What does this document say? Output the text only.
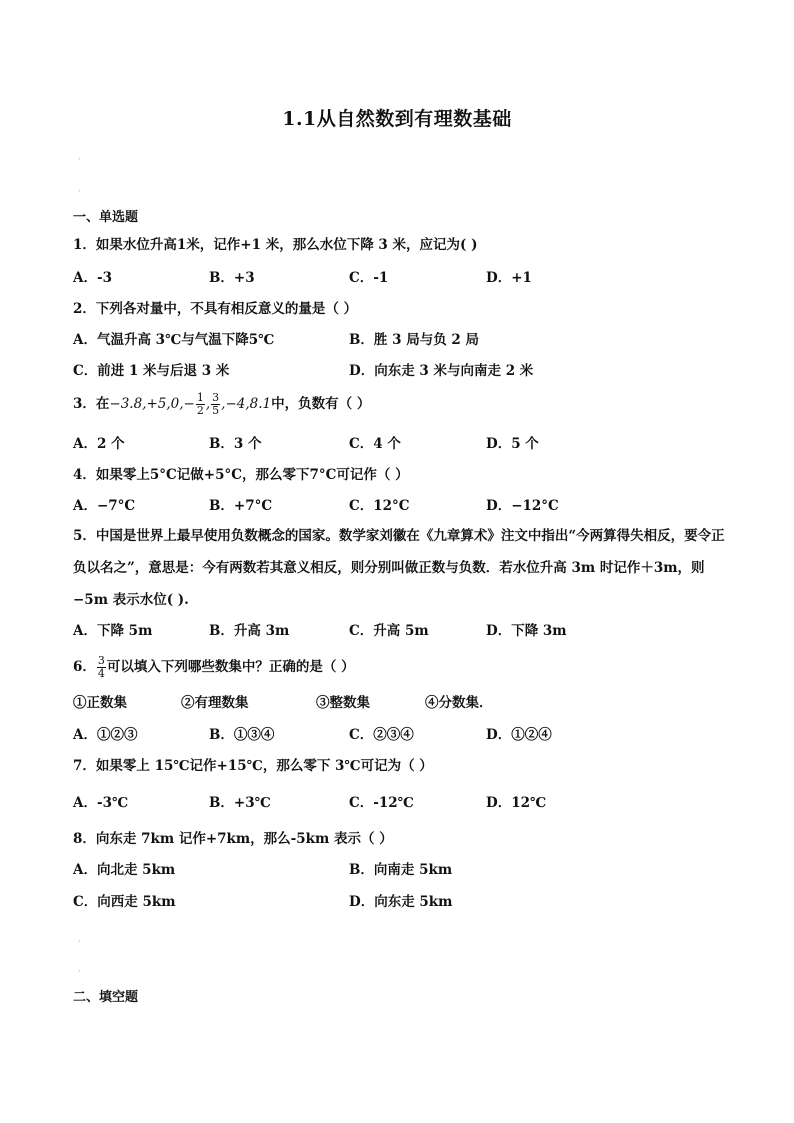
1.1从自然数到有理数基础
·
·
一、单选题
1．如果水位升高1米，记作+1 米，那么水位下降 3 米，应记为( )
A．-3	B．+3	C．-1	D．+1
2．下列各对量中，不具有相反意义的量是（ ）
A．气温升高 3℃与气温下降5℃	B．胜 3 局与负 2 局
C．前进 1 米与后退 3 米	D．向东走 3 米与向南走 2 米
3．在$-3.8,+5,0,- \frac{1}{2}$ , $\frac{3}{5} ,-4,8.1$中，负数有（ ）
A．2 个	B．3 个	C．4 个	D．5 个
4．如果零上5°C记做+5°C，那么零下7°C可记作（ ）
A．−7°C	B．+7°C	C．12°C	D．−12°C
5．中国是世界上最早使用负数概念的国家。数学家刘徽在《九章算术》注文中指出“今两算得失相反，要令正负以名之”，意思是：今有两数若其意义相反，则分别叫做正数与负数．若水位升高 3m 时记作＋3m，则−5m 表示水位( ).
A．下降 5m	B．升高 3m	C．升高 5m	D．下降 3m
6． $\frac{3}{4}$ 可以填入下列哪些数集中？正确的是（ ）
①正数集	②有理数集	③整数集	④分数集．
A．①②③	B．①③④	C．②③④	D．①②④
7．如果零上 15℃记作+15℃，那么零下 3℃可记为（ ）
A．-3℃	B．+3℃	C．-12℃	D．12℃
8．向东走 7km 记作+7km，那么-5km 表示（ ）
A．向北走 5km	B．向南走 5km
C．向西走 5km	D．向东走 5km
·
·
二、填空题
